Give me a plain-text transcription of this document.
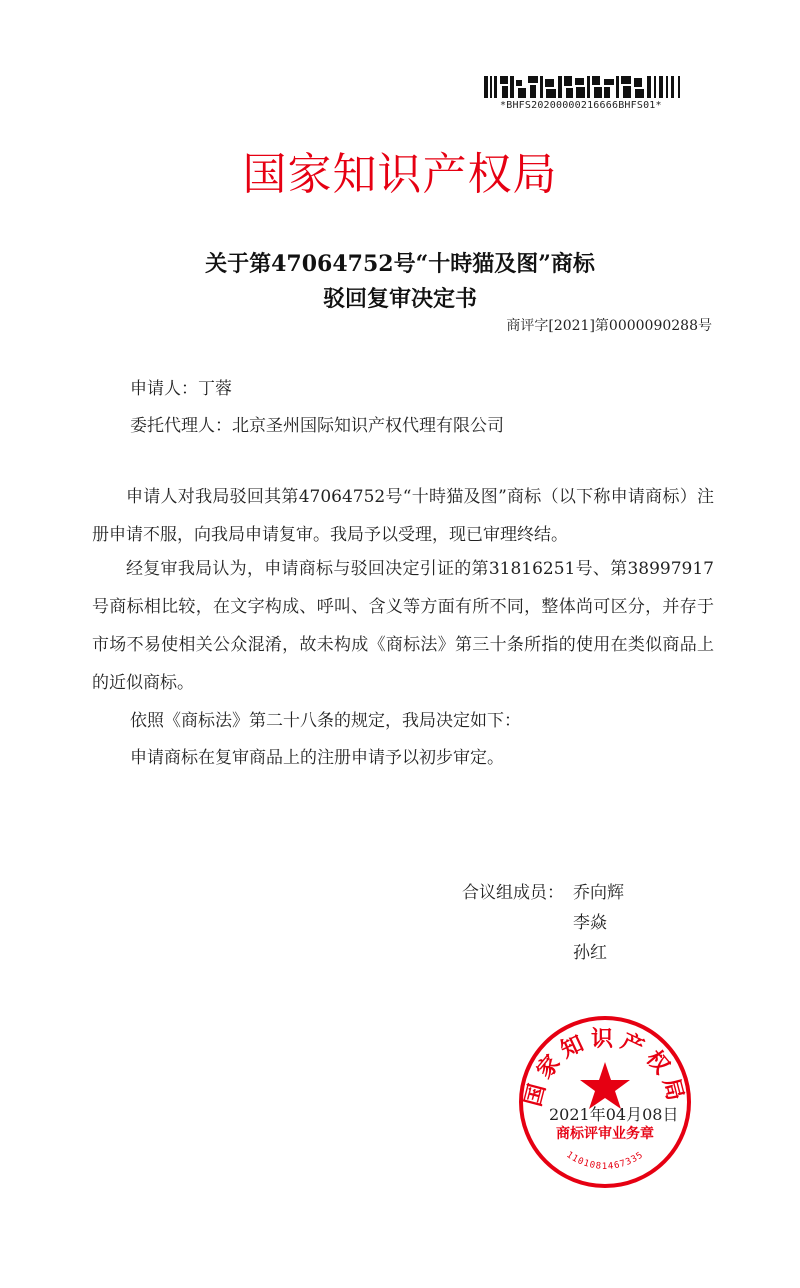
*BHFS20200000216666BHFS01*
国家知识产权局
关于第47064752号“十時猫及图”商标
驳回复审决定书
商评字[2021]第0000090288号
申请人：丁蓉
委托代理人：北京圣州国际知识产权代理有限公司
申请人对我局驳回其第47064752号“十時猫及图”商标（以下称申请商标）注册申请不服，向我局申请复审。我局予以受理，现已审理终结。
经复审我局认为，申请商标与驳回决定引证的第31816251号、第38997917号商标相比较，在文字构成、呼叫、含义等方面有所不同，整体尚可区分，并存于市场不易使相关公众混淆，故未构成《商标法》第三十条所指的使用在类似商品上的近似商标。
依照《商标法》第二十八条的规定，我局决定如下：
申请商标在复审商品上的注册申请予以初步审定。
合议组成员： 乔向辉
李焱
孙红
国家知识产权局
商标评审业务章
1101081467335
2021年04月08日
